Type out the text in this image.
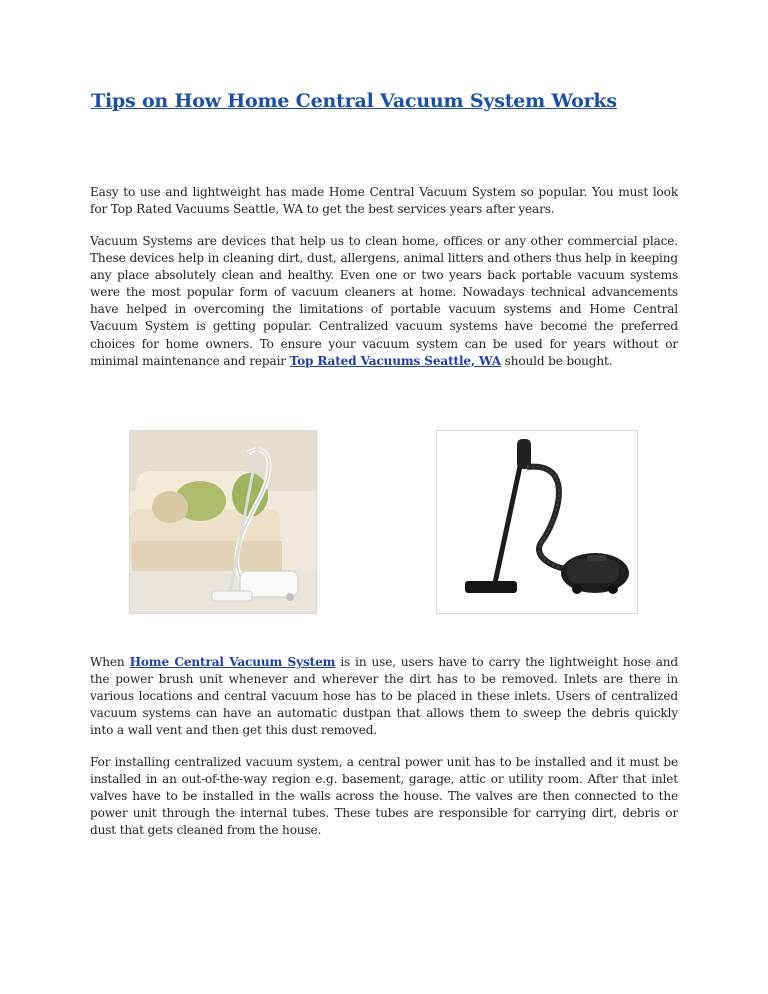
Tips on How Home Central Vacuum System Works

Easy to use and lightweight has made Home Central Vacuum System so popular. You must look for Top Rated Vacuums Seattle, WA to get the best services years after years.

Vacuum Systems are devices that help us to clean home, offices or any other commercial place. These devices help in cleaning dirt, dust, allergens, animal litters and others thus help in keeping any place absolutely clean and healthy. Even one or two years back portable vacuum systems were the most popular form of vacuum cleaners at home. Nowadays technical advancements have helped in overcoming the limitations of portable vacuum systems and Home Central Vacuum System is getting popular. Centralized vacuum systems have become the preferred choices for home owners. To ensure your vacuum system can be used for years without or minimal maintenance and repair Top Rated Vacuums Seattle, WA should be bought.

When Home Central Vacuum System is in use, users have to carry the lightweight hose and the power brush unit whenever and wherever the dirt has to be removed. Inlets are there in various locations and central vacuum hose has to be placed in these inlets. Users of centralized vacuum systems can have an automatic dustpan that allows them to sweep the debris quickly into a wall vent and then get this dust removed.

For installing centralized vacuum system, a central power unit has to be installed and it must be installed in an out-of-the-way region e.g. basement, garage, attic or utility room. After that inlet valves have to be installed in the walls across the house. The valves are then connected to the power unit through the internal tubes. These tubes are responsible for carrying dirt, debris or dust that gets cleaned from the house.
